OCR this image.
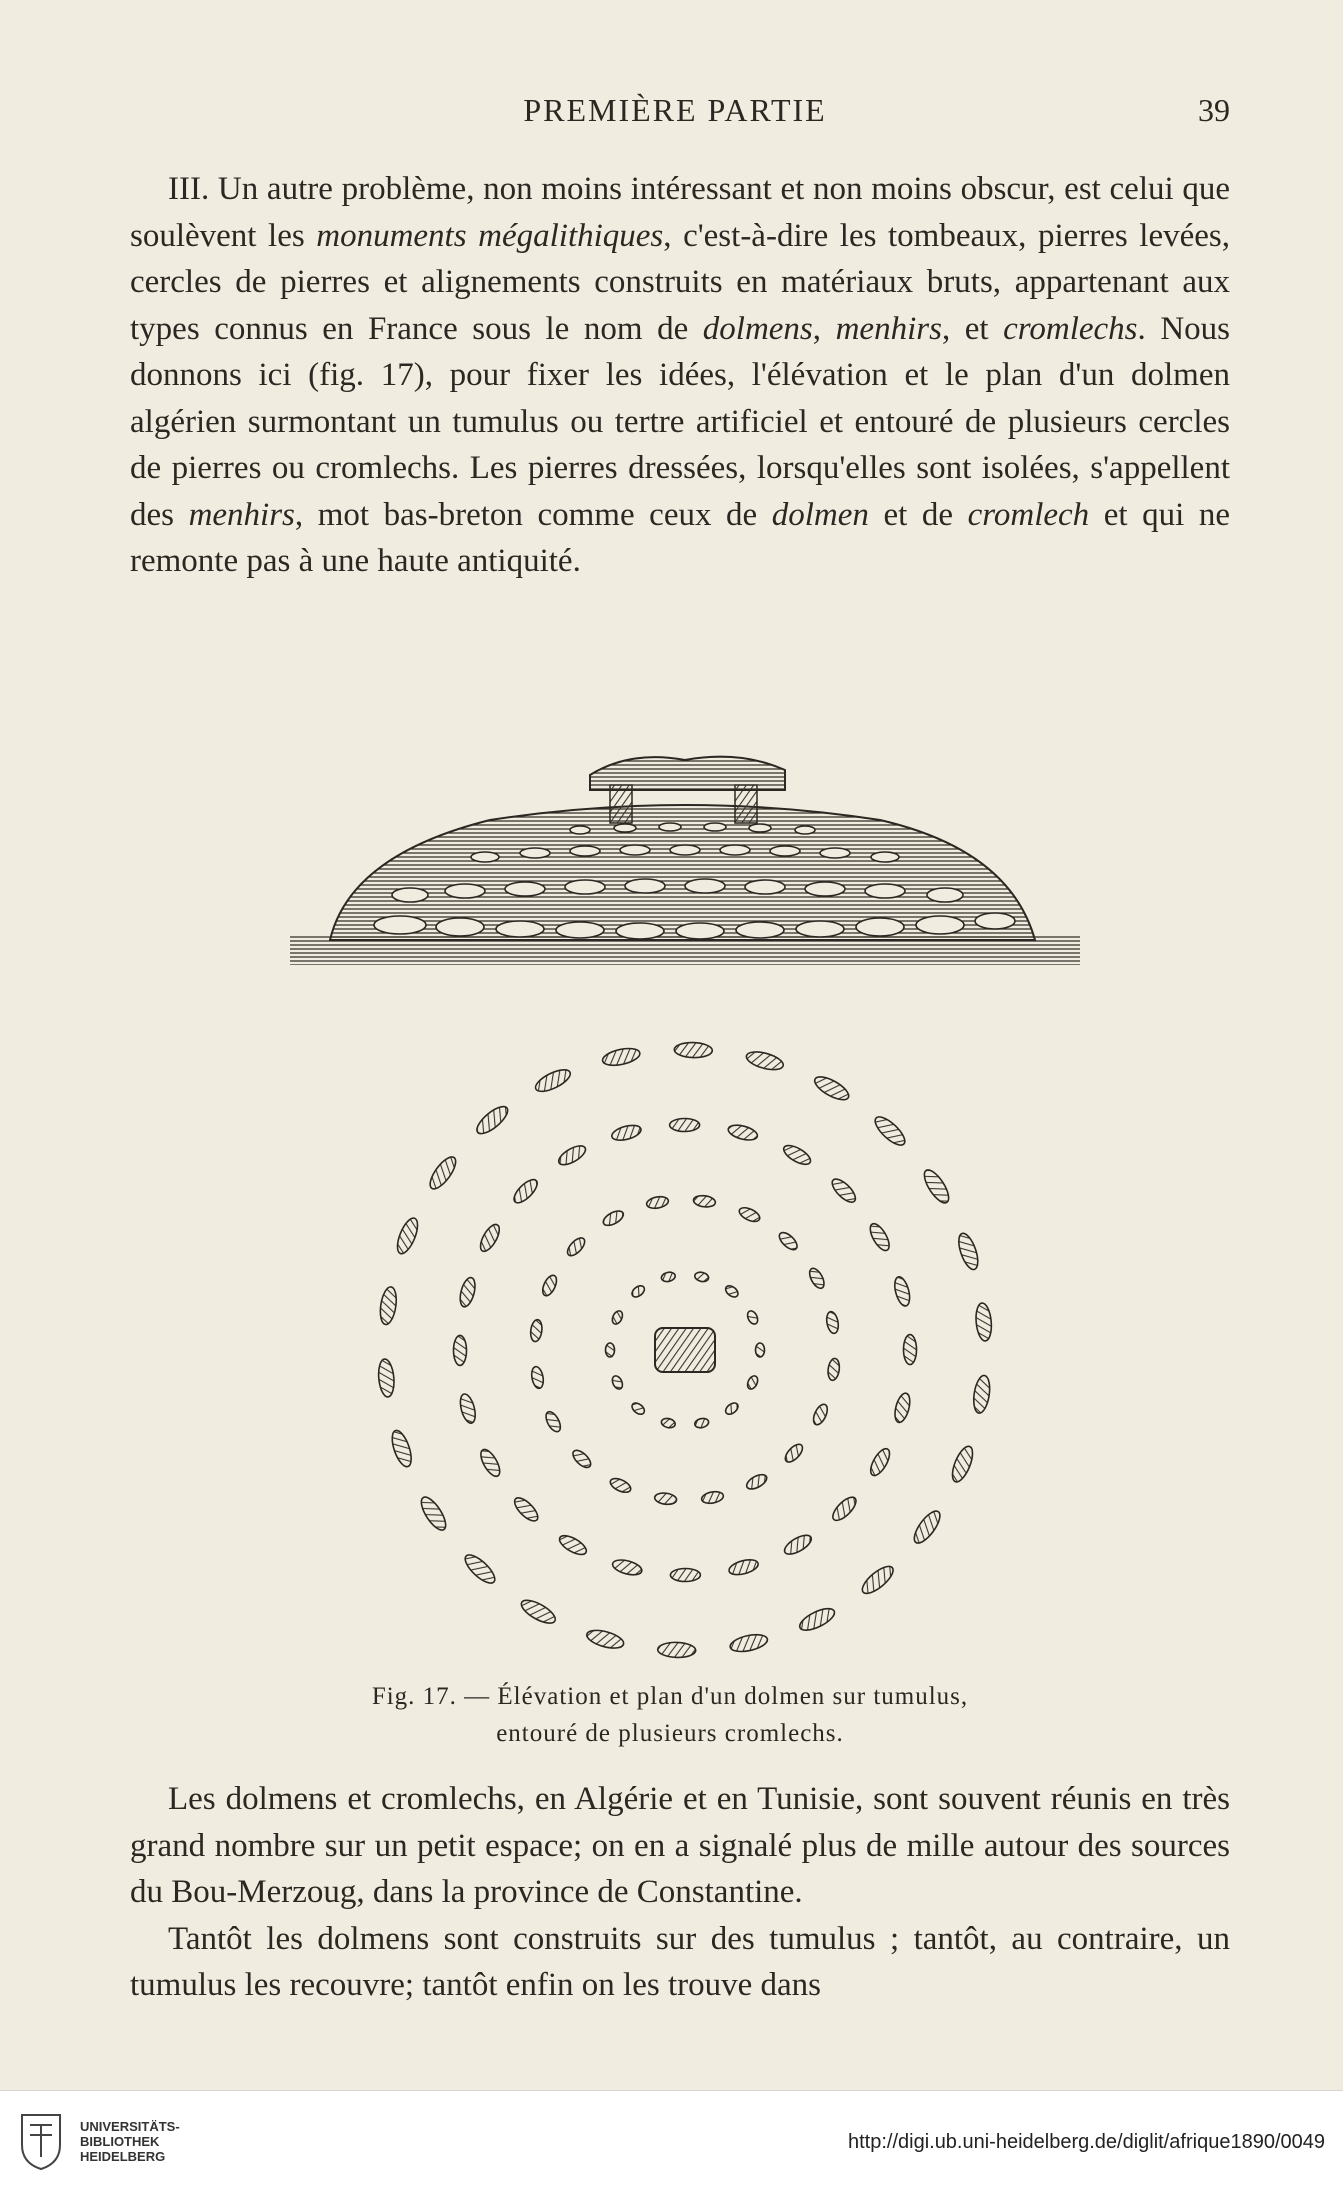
PREMIÈRE PARTIE	39

III. Un autre problème, non moins intéressant et non moins obscur, est celui que soulèvent les monuments mégalithiques, c'est-à-dire les tombeaux, pierres levées, cercles de pierres et alignements construits en matériaux bruts, appartenant aux types connus en France sous le nom de dolmens, menhirs, et cromlechs. Nous donnons ici (fig. 17), pour fixer les idées, l'élévation et le plan d'un dolmen algérien surmontant un tumulus ou tertre artificiel et entouré de plusieurs cercles de pierres ou cromlechs. Les pierres dressées, lorsqu'elles sont isolées, s'appellent des menhirs, mot bas-breton comme ceux de dolmen et de cromlech et qui ne remonte pas à une haute antiquité.

Fig. 17. — Élévation et plan d'un dolmen sur tumulus,
entouré de plusieurs cromlechs.

Les dolmens et cromlechs, en Algérie et en Tunisie, sont souvent réunis en très grand nombre sur un petit espace; on en a signalé plus de mille autour des sources du Bou-Merzoug, dans la province de Constantine.

Tantôt les dolmens sont construits sur des tumulus ; tantôt, au contraire, un tumulus les recouvre; tantôt enfin on les trouve dans

UNIVERSITÄTS-
BIBLIOTHEK
HEIDELBERG
http://digi.ub.uni-heidelberg.de/diglit/afrique1890/0049
